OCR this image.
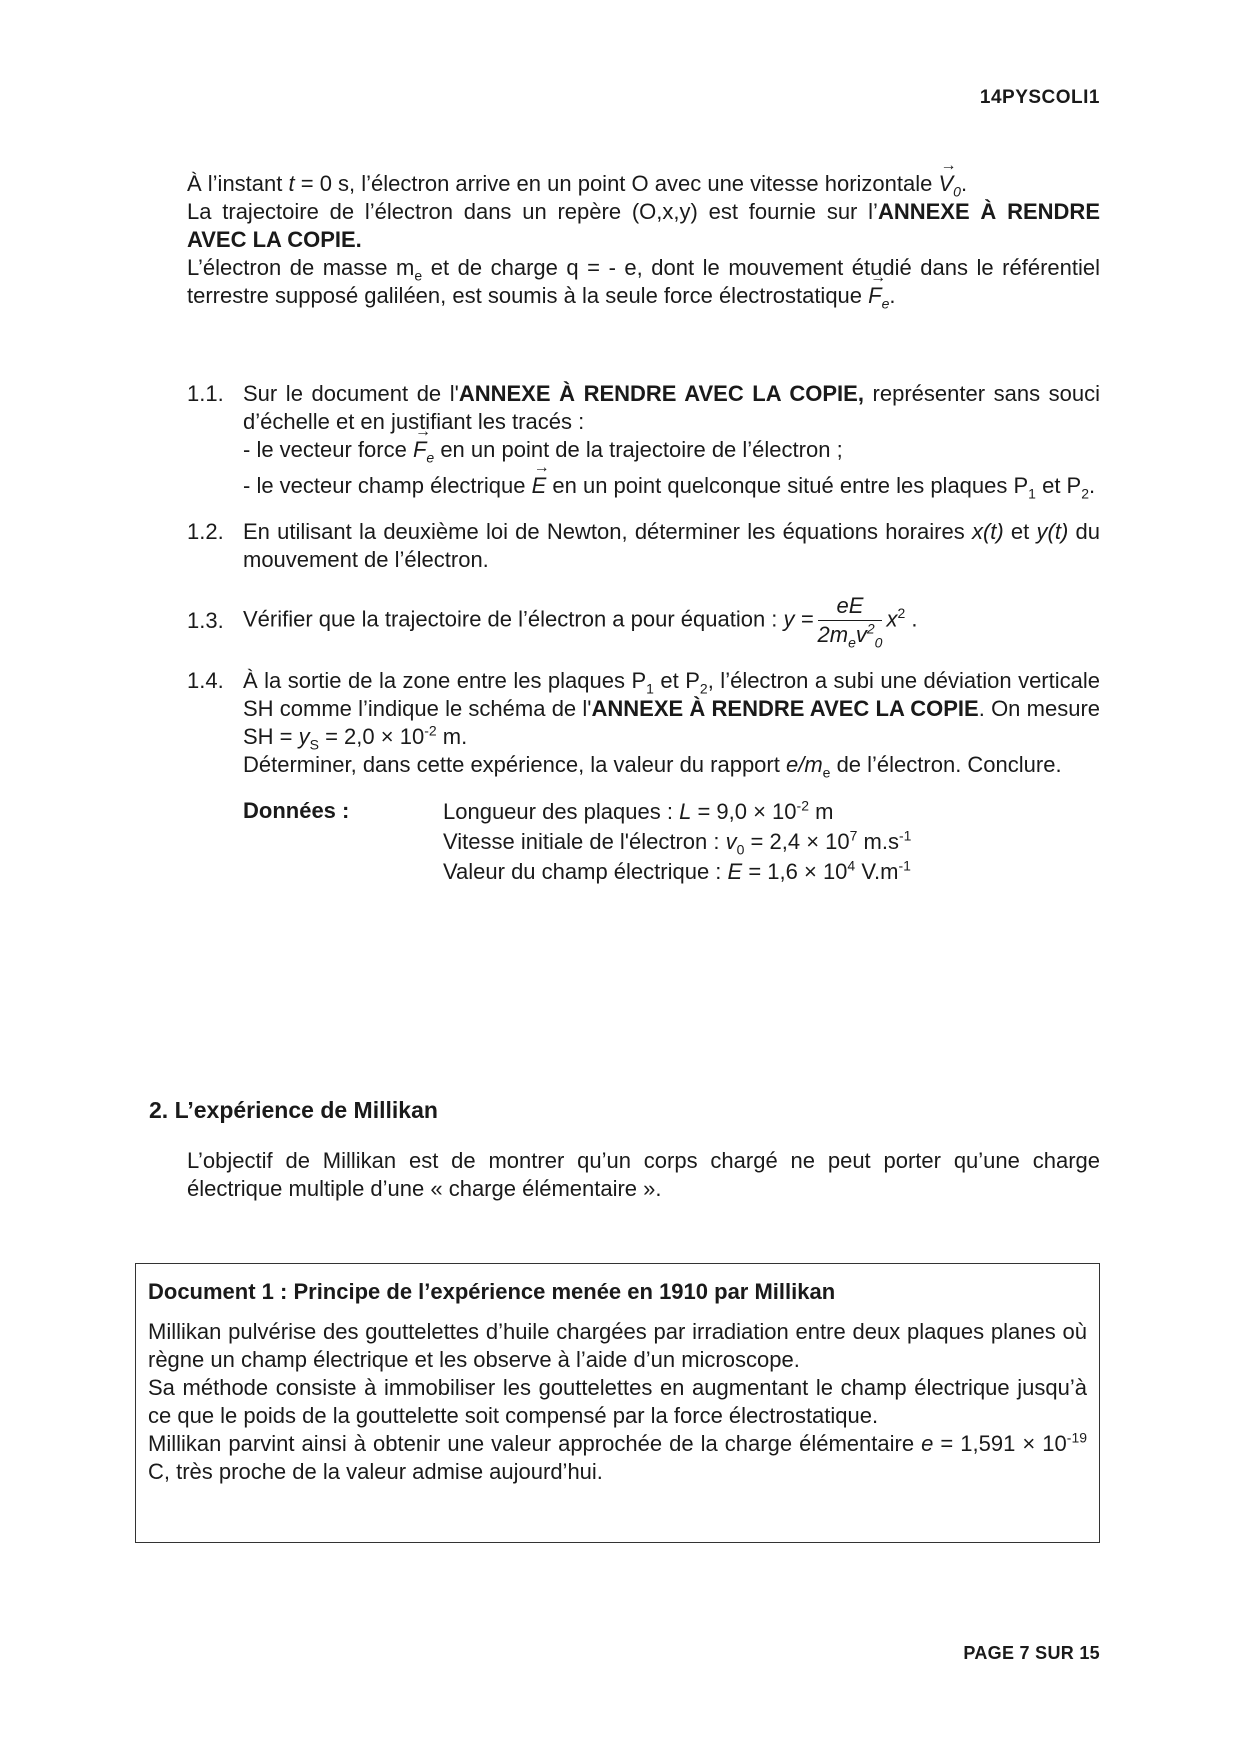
14PYSCOLI1

À l’instant t = 0 s, l’électron arrive en un point O avec une vitesse horizontale → $V_0$.

La trajectoire de l’électron dans un repère (O,x,y) est fournie sur l’ANNEXE À RENDRE AVEC LA COPIE.

L’électron de masse $m_e$ et de charge q = - e, dont le mouvement étudié dans le référentiel terrestre supposé galiléen, est soumis à la seule force électrostatique → $F_e$.

1.1. Sur le document de l'ANNEXE À RENDRE AVEC LA COPIE, représenter sans souci d’échelle et en justifiant les tracés :

- le vecteur force → $F_e$ en un point de la trajectoire de l’électron ;

- le vecteur champ électrique → E en un point quelconque situé entre les plaques $P_1$ et $P_2$.

1.2. En utilisant la deuxième loi de Newton, déterminer les équations horaires x(t) et y(t) du mouvement de l’électron.

1.3. Vérifier que la trajectoire de l’électron a pour équation : $y = \frac{eE}{2m_ev^2_0} x^2$ .

1.4. À la sortie de la zone entre les plaques $P_1$ et $P_2$, l’électron a subi une déviation verticale SH comme l’indique le schéma de l'ANNEXE À RENDRE AVEC LA COPIE. On mesure SH = $y_S = 2,0 \times 10^{-2}$ m.

Déterminer, dans cette expérience, la valeur du rapport $e/m_e$ de l’électron. Conclure.

Données :	Longueur des plaques : $L = 9,0 \times 10^{-2}$ m
Vitesse initiale de l'électron : $v_0 = 2,4 \times 10^7$ $m.s^{-1}$
Valeur du champ électrique : $E = 1,6 \times 10^4$ $V.m^{-1}$
2. L’expérience de Millikan

L’objectif de Millikan est de montrer qu’un corps chargé ne peut porter qu’une charge électrique multiple d’une « charge élémentaire ».

Document 1 : Principe de l’expérience menée en 1910 par Millikan

Millikan pulvérise des gouttelettes d’huile chargées par irradiation entre deux plaques planes où règne un champ électrique et les observe à l’aide d’un microscope.

Sa méthode consiste à immobiliser les gouttelettes en augmentant le champ électrique jusqu’à ce que le poids de la gouttelette soit compensé par la force électrostatique.

Millikan parvint ainsi à obtenir une valeur approchée de la charge élémentaire $e = 1,591 \times 10^{-19}$ C, très proche de la valeur admise aujourd’hui.

PAGE 7 SUR 15
